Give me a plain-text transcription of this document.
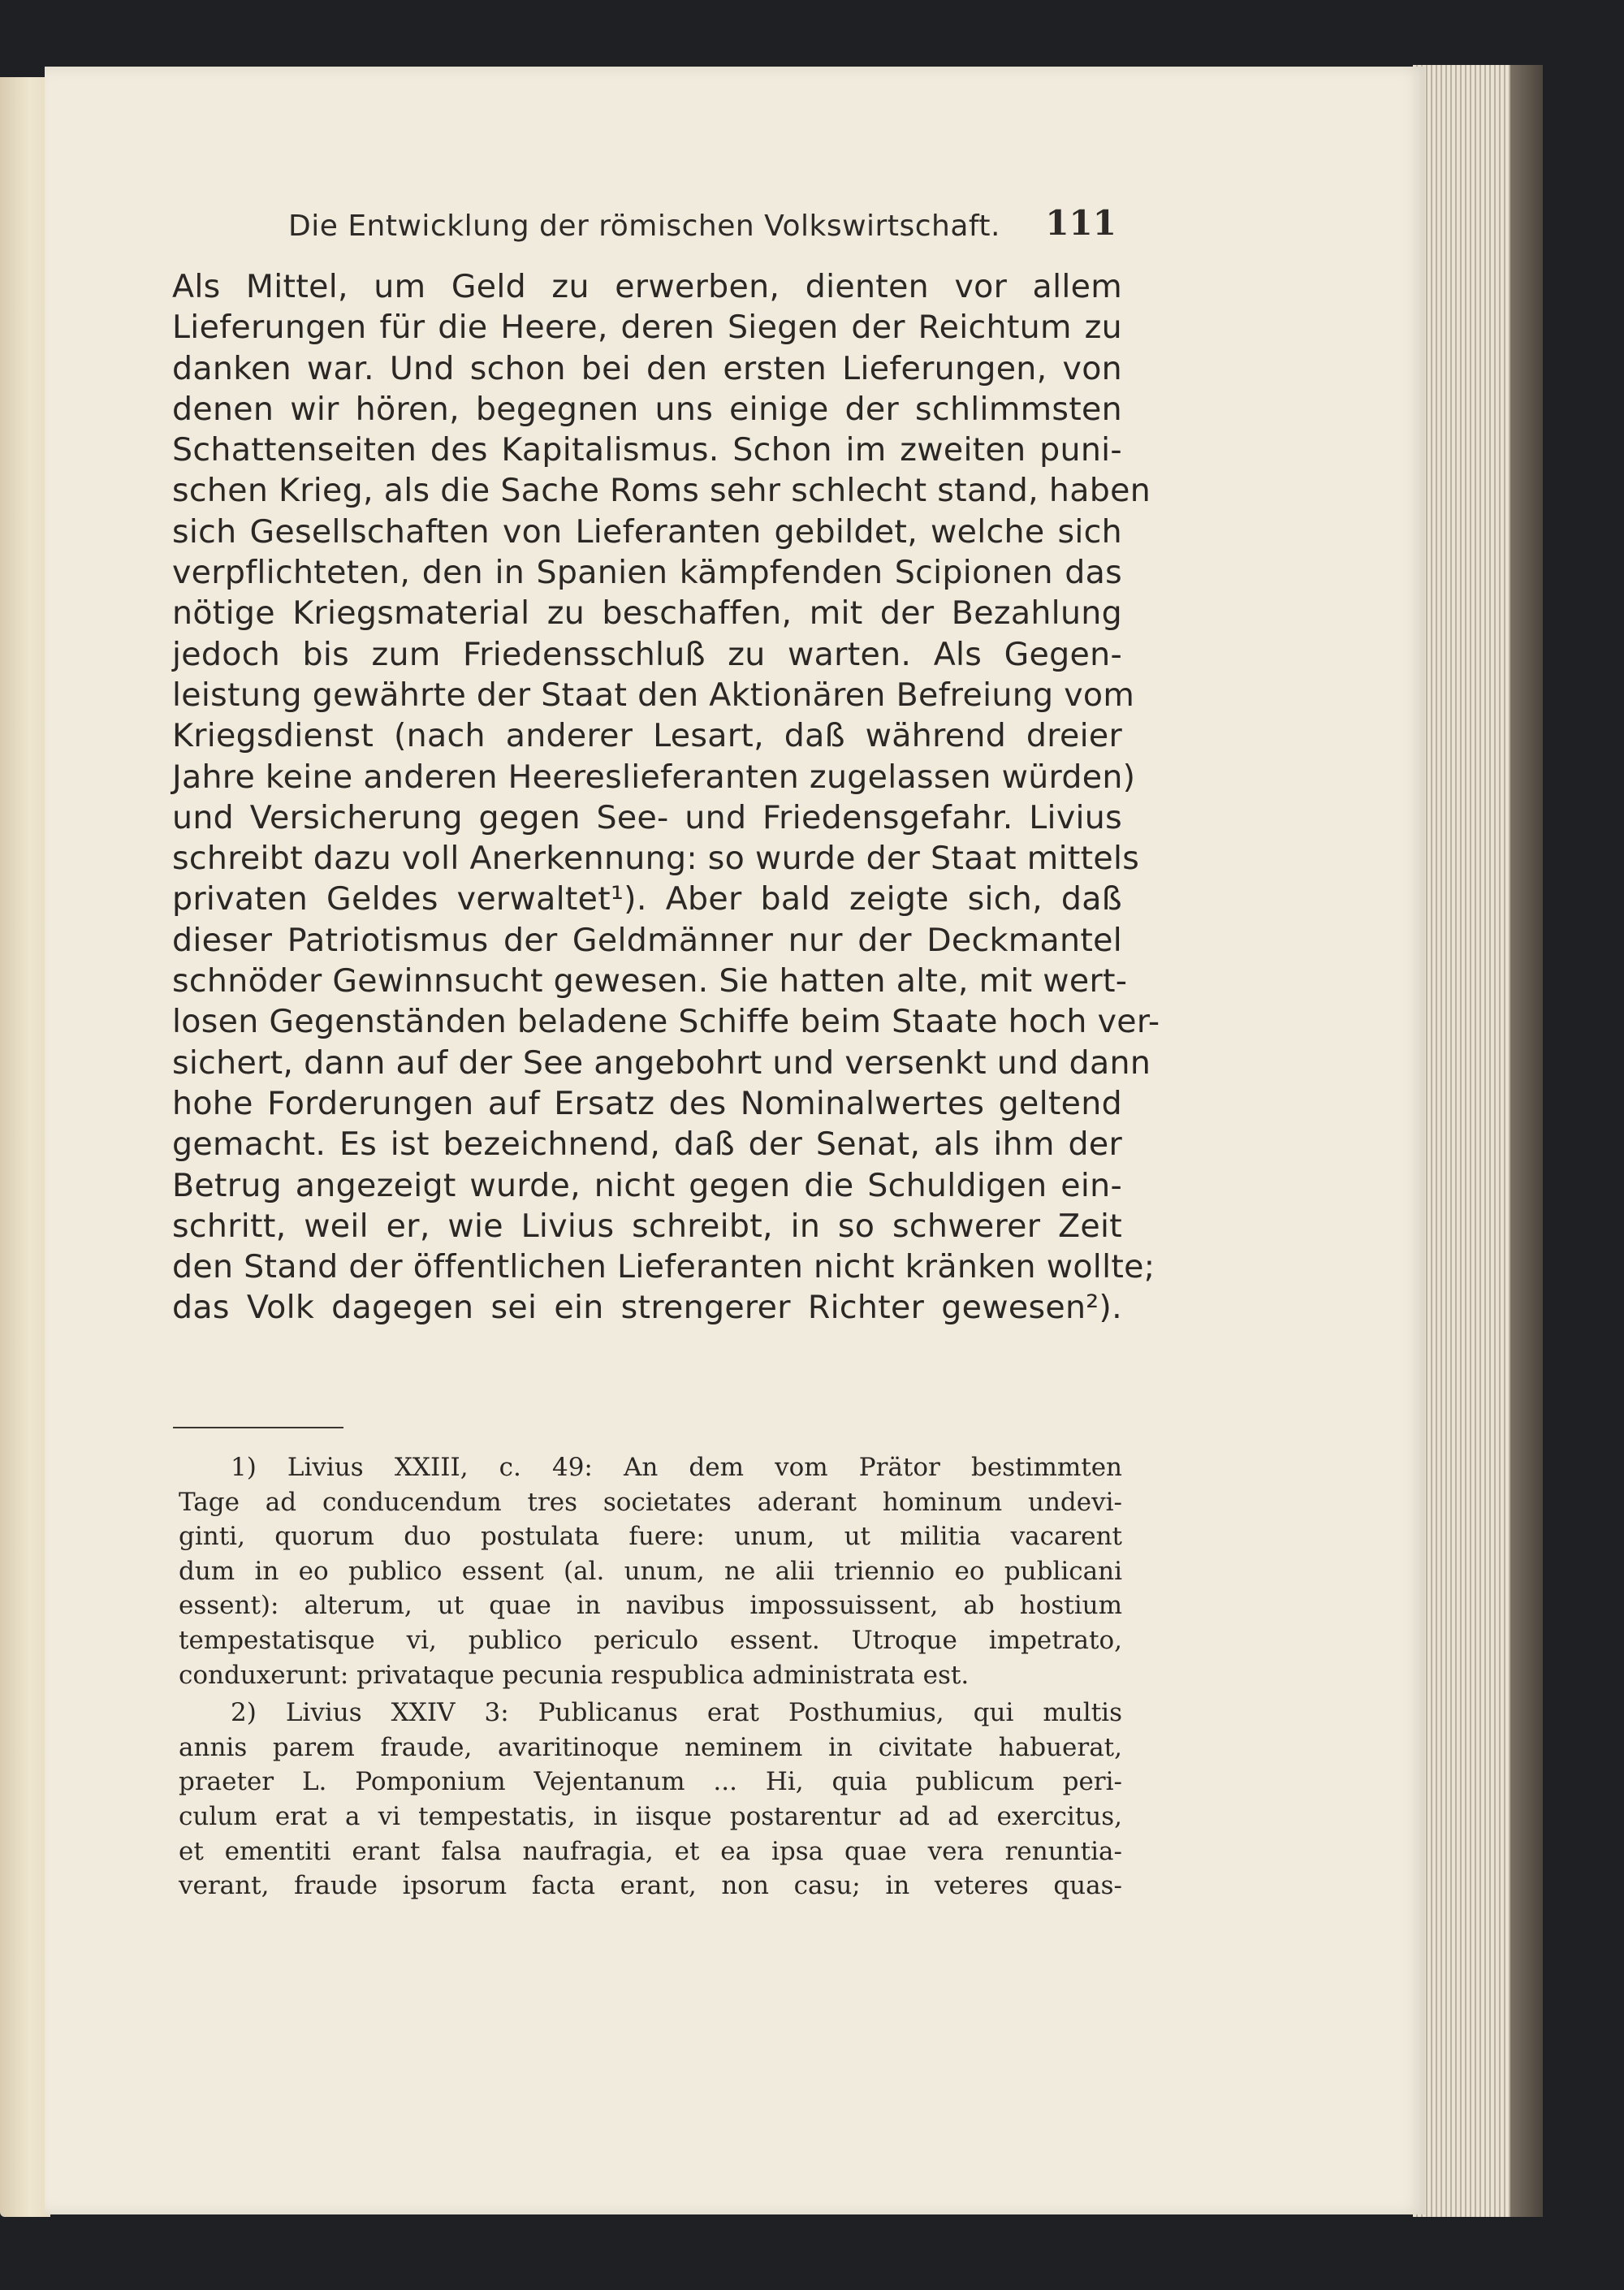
Die Entwicklung der römischen Volkswirtschaft. 111
Als Mittel, um Geld zu erwerben, dienten vor allem
Lieferungen für die Heere, deren Siegen der Reichtum zu
danken war. Und schon bei den ersten Lieferungen, von
denen wir hören, begegnen uns einige der schlimmsten
Schattenseiten des Kapitalismus. Schon im zweiten puni-
schen Krieg, als die Sache Roms sehr schlecht stand, haben
sich Gesellschaften von Lieferanten gebildet, welche sich
verpflichteten, den in Spanien kämpfenden Scipionen das
nötige Kriegsmaterial zu beschaffen, mit der Bezahlung
jedoch bis zum Friedensschluß zu warten. Als Gegen-
leistung gewährte der Staat den Aktionären Befreiung vom
Kriegsdienst (nach anderer Lesart, daß während dreier
Jahre keine anderen Heereslieferanten zugelassen würden)
und Versicherung gegen See- und Friedensgefahr. Livius
schreibt dazu voll Anerkennung: so wurde der Staat mittels
privaten Geldes verwaltet¹). Aber bald zeigte sich, daß
dieser Patriotismus der Geldmänner nur der Deckmantel
schnöder Gewinnsucht gewesen. Sie hatten alte, mit wert-
losen Gegenständen beladene Schiffe beim Staate hoch ver-
sichert, dann auf der See angebohrt und versenkt und dann
hohe Forderungen auf Ersatz des Nominalwertes geltend
gemacht. Es ist bezeichnend, daß der Senat, als ihm der
Betrug angezeigt wurde, nicht gegen die Schuldigen ein-
schritt, weil er, wie Livius schreibt, in so schwerer Zeit
den Stand der öffentlichen Lieferanten nicht kränken wollte;
das Volk dagegen sei ein strengerer Richter gewesen²).
1) Livius XXIII, c. 49: An dem vom Prätor bestimmten
Tage ad conducendum tres societates aderant hominum undevi-
ginti, quorum duo postulata fuere: unum, ut militia vacarent
dum in eo publico essent (al. unum, ne alii triennio eo publicani
essent): alterum, ut quae in navibus impossuissent, ab hostium
tempestatisque vi, publico periculo essent. Utroque impetrato,
conduxerunt: privataque pecunia respublica administrata est.
2) Livius XXIV 3: Publicanus erat Posthumius, qui multis
annis parem fraude, avaritinoque neminem in civitate habuerat,
praeter L. Pomponium Vejentanum ... Hi, quia publicum peri-
culum erat a vi tempestatis, in iisque postarentur ad ad exercitus,
et ementiti erant falsa naufragia, et ea ipsa quae vera renuntia-
verant, fraude ipsorum facta erant, non casu; in veteres quas-
